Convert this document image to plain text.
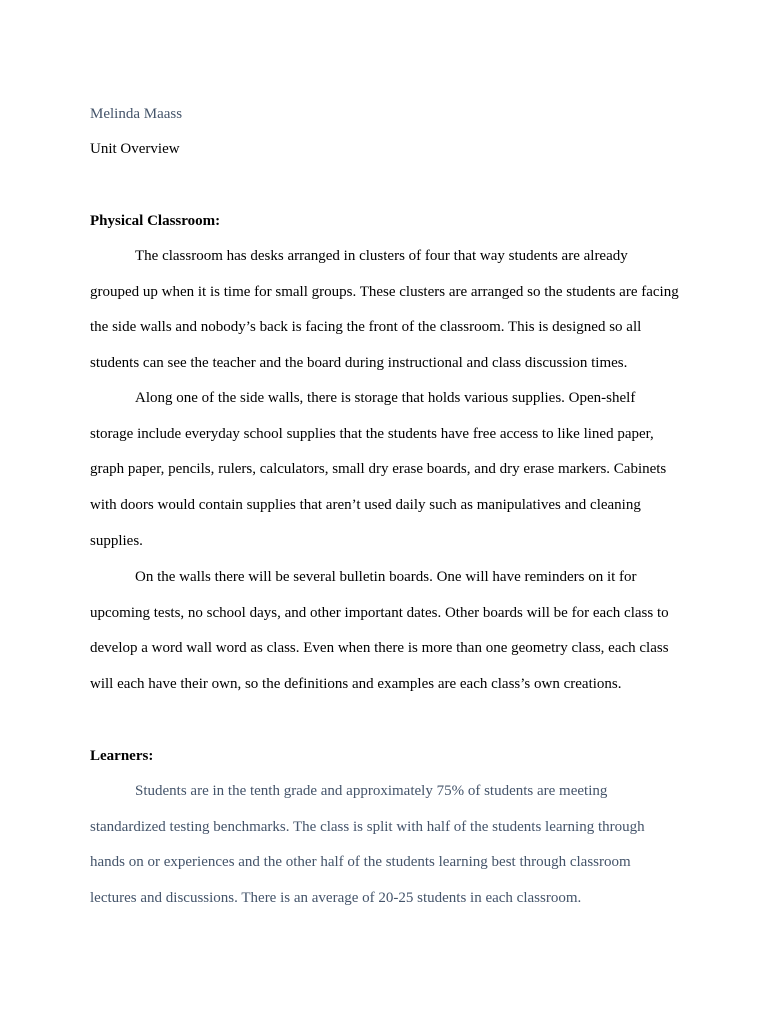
Melinda Maass

Unit Overview

Physical Classroom:

The classroom has desks arranged in clusters of four that way students are already grouped up when it is time for small groups. These clusters are arranged so the students are facing the side walls and nobody’s back is facing the front of the classroom. This is designed so all students can see the teacher and the board during instructional and class discussion times.

Along one of the side walls, there is storage that holds various supplies. Open-shelf storage include everyday school supplies that the students have free access to like lined paper, graph paper, pencils, rulers, calculators, small dry erase boards, and dry erase markers. Cabinets with doors would contain supplies that aren’t used daily such as manipulatives and cleaning supplies.

On the walls there will be several bulletin boards. One will have reminders on it for upcoming tests, no school days, and other important dates. Other boards will be for each class to develop a word wall word as class. Even when there is more than one geometry class, each class will each have their own, so the definitions and examples are each class’s own creations.

Learners:

Students are in the tenth grade and approximately 75% of students are meeting standardized testing benchmarks. The class is split with half of the students learning through hands on or experiences and the other half of the students learning best through classroom lectures and discussions. There is an average of 20-25 students in each classroom.
